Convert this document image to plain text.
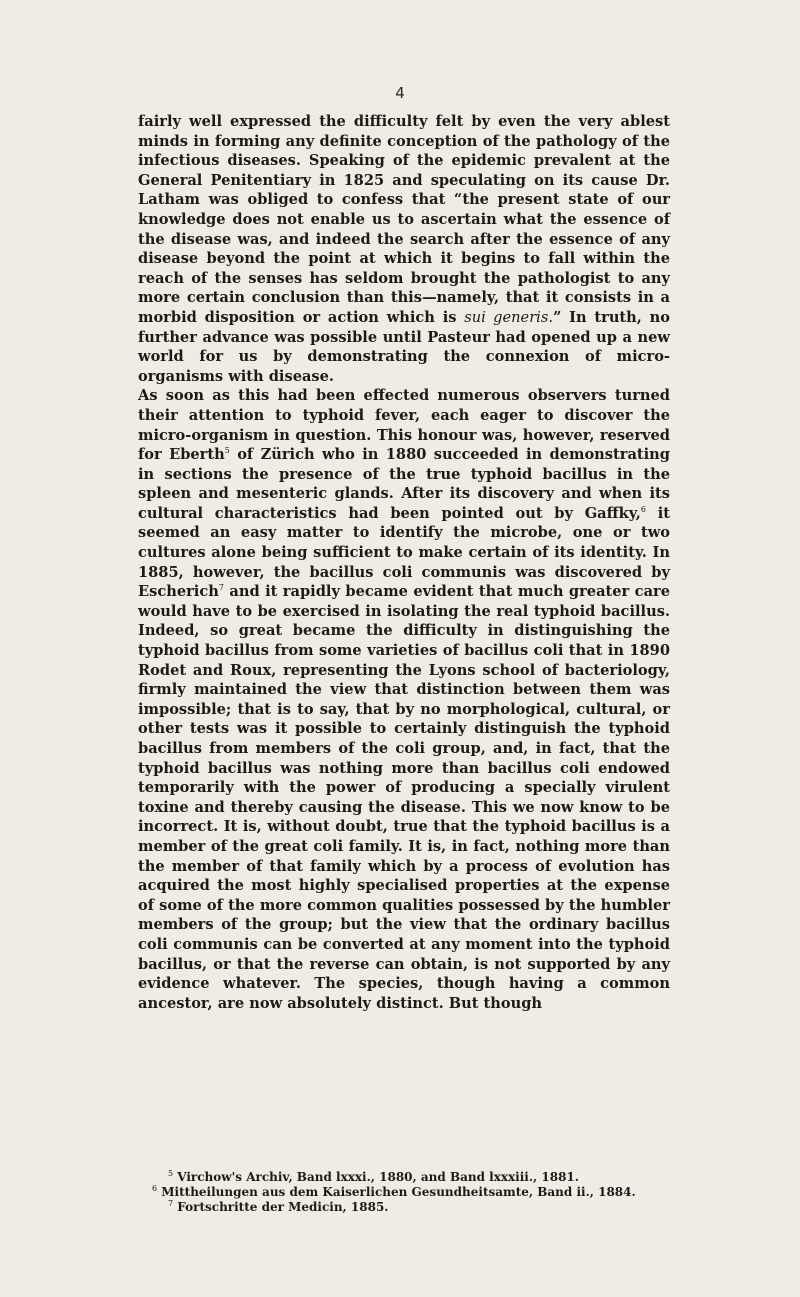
4

fairly well expressed the difficulty felt by even the very ablest minds in forming any definite conception of the pathology of the infectious diseases. Speaking of the epidemic prevalent at the General Penitentiary in 1825 and speculating on its cause Dr. Latham was obliged to confess that “the present state of our knowledge does not enable us to ascertain what the essence of the disease was, and indeed the search after the essence of any disease beyond the point at which it begins to fall within the reach of the senses has seldom brought the pathologist to any more certain conclusion than this—namely, that it consists in a morbid disposition or action which is sui generis.” In truth, no further advance was possible until Pasteur had opened up a new world for us by demonstrating the connexion of micro-organisms with disease.

As soon as this had been effected numerous observers turned their attention to typhoid fever, each eager to discover the micro-organism in question. This honour was, however, reserved for Eberth$^5$ of Zürich who in 1880 succeeded in demonstrating in sections the presence of the true typhoid bacillus in the spleen and mesenteric glands. After its discovery and when its cultural characteristics had been pointed out by Gaffky,$^6$ it seemed an easy matter to identify the microbe, one or two cultures alone being sufficient to make certain of its identity. In 1885, however, the bacillus coli communis was discovered by Escherich$^7$ and it rapidly became evident that much greater care would have to be exercised in isolating the real typhoid bacillus. Indeed, so great became the difficulty in distinguishing the typhoid bacillus from some varieties of bacillus coli that in 1890 Rodet and Roux, representing the Lyons school of bacteriology, firmly maintained the view that distinction between them was impossible; that is to say, that by no morphological, cultural, or other tests was it possible to certainly distinguish the typhoid bacillus from members of the coli group, and, in fact, that the typhoid bacillus was nothing more than bacillus coli endowed temporarily with the power of producing a specially virulent toxine and thereby causing the disease. This we now know to be incorrect. It is, without doubt, true that the typhoid bacillus is a member of the great coli family. It is, in fact, nothing more than the member of that family which by a process of evolution has acquired the most highly specialised properties at the expense of some of the more common qualities possessed by the humbler members of the group; but the view that the ordinary bacillus coli communis can be converted at any moment into the typhoid bacillus, or that the reverse can obtain, is not supported by any evidence whatever. The species, though having a common ancestor, are now absolutely distinct. But though

$^5$ Virchow's Archiv, Band lxxxi., 1880, and Band lxxxiii., 1881.
$^6$ Mittheilungen aus dem Kaiserlichen Gesundheitsamte, Band ii., 1884.
$^7$ Fortschritte der Medicin, 1885.
